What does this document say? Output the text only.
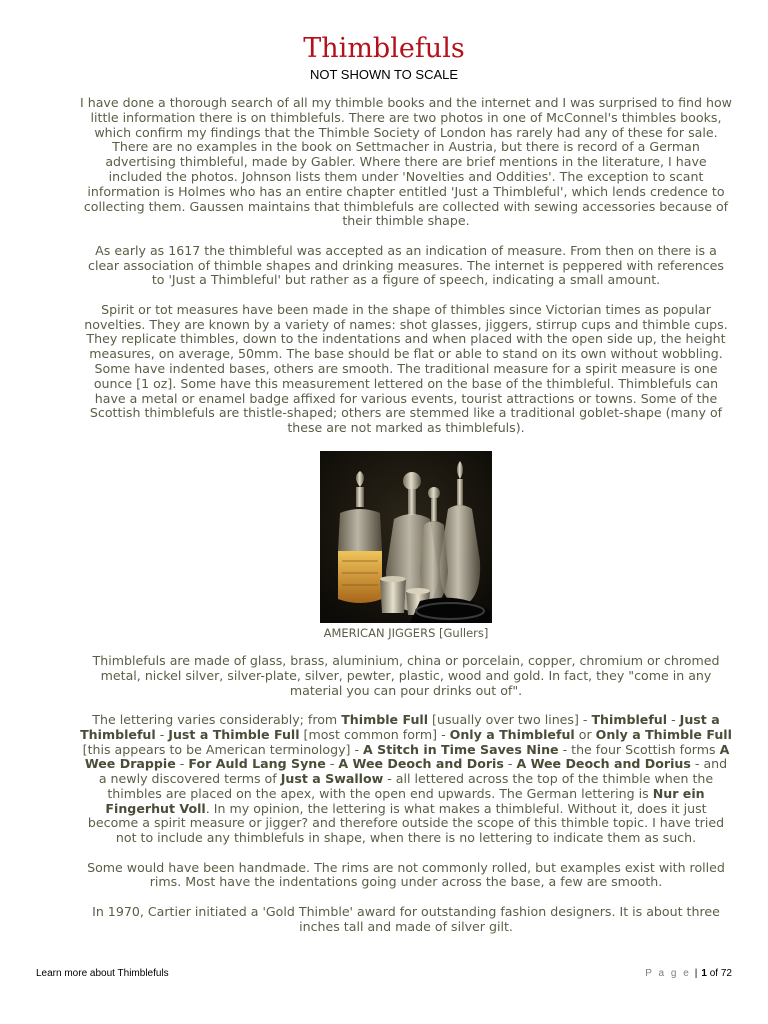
Thimblefuls
NOT SHOWN TO SCALE

I have done a thorough search of all my thimble books and the internet and I was surprised to find how little information there is on thimblefuls. There are two photos in one of McConnel's thimbles books, which confirm my findings that the Thimble Society of London has rarely had any of these for sale. There are no examples in the book on Settmacher in Austria, but there is record of a German advertising thimbleful, made by Gabler. Where there are brief mentions in the literature, I have included the photos. Johnson lists them under 'Novelties and Oddities'. The exception to scant information is Holmes who has an entire chapter entitled 'Just a Thimbleful', which lends credence to collecting them. Gaussen maintains that thimblefuls are collected with sewing accessories because of their thimble shape.

As early as 1617 the thimbleful was accepted as an indication of measure. From then on there is a clear association of thimble shapes and drinking measures. The internet is peppered with references to 'Just a Thimbleful' but rather as a figure of speech, indicating a small amount.

Spirit or tot measures have been made in the shape of thimbles since Victorian times as popular novelties. They are known by a variety of names: shot glasses, jiggers, stirrup cups and thimble cups. They replicate thimbles, down to the indentations and when placed with the open side up, the height measures, on average, 50mm. The base should be flat or able to stand on its own without wobbling. Some have indented bases, others are smooth. The traditional measure for a spirit measure is one ounce [1 oz]. Some have this measurement lettered on the base of the thimbleful. Thimblefuls can have a metal or enamel badge affixed for various events, tourist attractions or towns. Some of the Scottish thimblefuls are thistle-shaped; others are stemmed like a traditional goblet-shape (many of these are not marked as thimblefuls).

AMERICAN JIGGERS [Gullers]

Thimblefuls are made of glass, brass, aluminium, china or porcelain, copper, chromium or chromed metal, nickel silver, silver-plate, silver, pewter, plastic, wood and gold. In fact, they "come in any material you can pour drinks out of".

The lettering varies considerably; from Thimble Full [usually over two lines] - Thimbleful - Just a Thimbleful - Just a Thimble Full [most common form] - Only a Thimbleful or Only a Thimble Full [this appears to be American terminology] - A Stitch in Time Saves Nine - the four Scottish forms A Wee Drappie - For Auld Lang Syne - A Wee Deoch and Doris - A Wee Deoch and Dorius - and a newly discovered terms of Just a Swallow - all lettered across the top of the thimble when the thimbles are placed on the apex, with the open end upwards. The German lettering is Nur ein Fingerhut Voll. In my opinion, the lettering is what makes a thimbleful. Without it, does it just become a spirit measure or jigger? and therefore outside the scope of this thimble topic. I have tried not to include any thimblefuls in shape, when there is no lettering to indicate them as such.

Some would have been handmade. The rims are not commonly rolled, but examples exist with rolled rims. Most have the indentations going under across the base, a few are smooth.

In 1970, Cartier initiated a 'Gold Thimble' award for outstanding fashion designers. It is about three inches tall and made of silver gilt.

Learn more about Thimblefuls	P a g e | 1 of 72
